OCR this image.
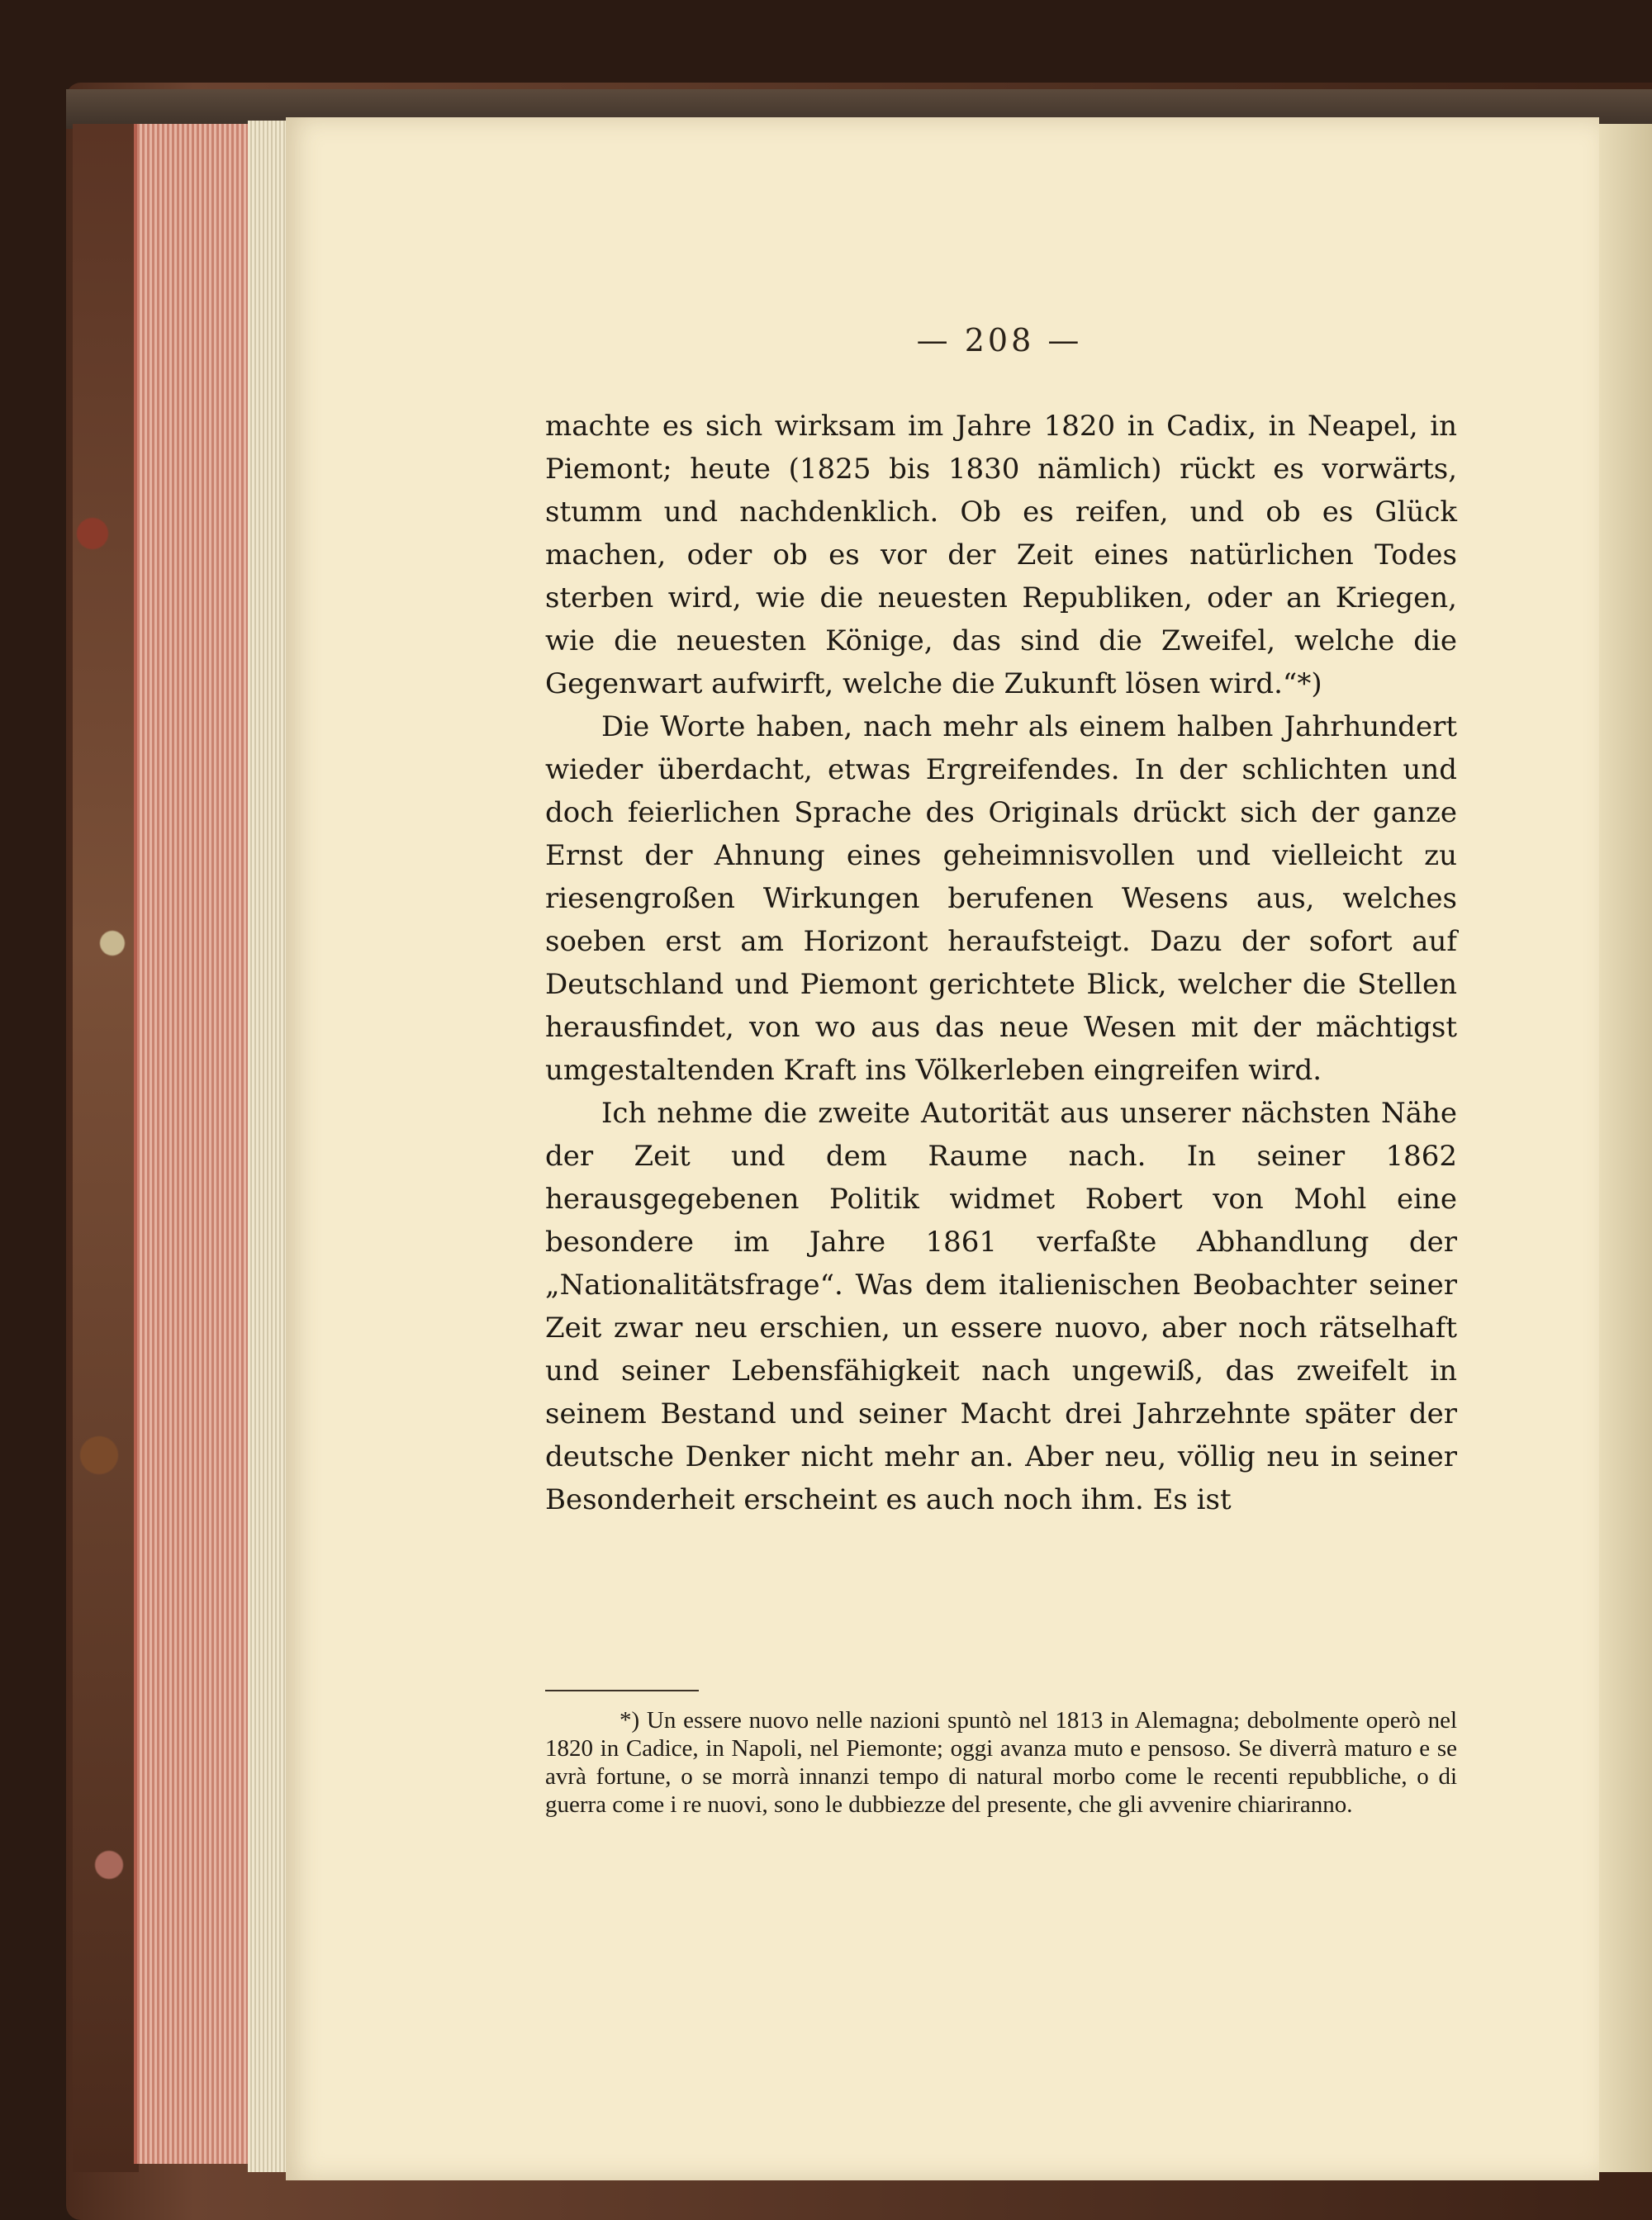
— 208 —

machte es sich wirksam im Jahre 1820 in Cadix, in Neapel, in Piemont; heute (1825 bis 1830 nämlich) rückt es vorwärts, stumm und nachdenklich. Ob es reifen, und ob es Glück machen, oder ob es vor der Zeit eines natürlichen Todes sterben wird, wie die neuesten Republiken, oder an Kriegen, wie die neuesten Könige, das sind die Zweifel, welche die Gegenwart aufwirft, welche die Zukunft lösen wird.“*)

Die Worte haben, nach mehr als einem halben Jahrhundert wieder überdacht, etwas Ergreifendes. In der schlichten und doch feierlichen Sprache des Originals drückt sich der ganze Ernst der Ahnung eines geheimnisvollen und vielleicht zu riesengroßen Wirkungen berufenen Wesens aus, welches soeben erst am Horizont heraufsteigt. Dazu der sofort auf Deutschland und Piemont gerichtete Blick, welcher die Stellen herausfindet, von wo aus das neue Wesen mit der mächtigst umgestaltenden Kraft ins Völkerleben eingreifen wird.

Ich nehme die zweite Autorität aus unserer nächsten Nähe der Zeit und dem Raume nach. In seiner 1862 herausgegebenen Politik widmet Robert von Mohl eine besondere im Jahre 1861 verfaßte Abhandlung der „Nationalitätsfrage“. Was dem italienischen Beobachter seiner Zeit zwar neu erschien, un essere nuovo, aber noch rätselhaft und seiner Lebensfähigkeit nach ungewiß, das zweifelt in seinem Bestand und seiner Macht drei Jahrzehnte später der deutsche Denker nicht mehr an. Aber neu, völlig neu in seiner Besonderheit erscheint es auch noch ihm. Es ist

*) Un essere nuovo nelle nazioni spuntò nel 1813 in Alemagna; debolmente operò nel 1820 in Cadice, in Napoli, nel Piemonte; oggi avanza muto e pensoso. Se diverrà maturo e se avrà fortune, o se morrà innanzi tempo di natural morbo come le recenti repubbliche, o di guerra come i re nuovi, sono le dubbiezze del presente, che gli avvenire chiariranno.
